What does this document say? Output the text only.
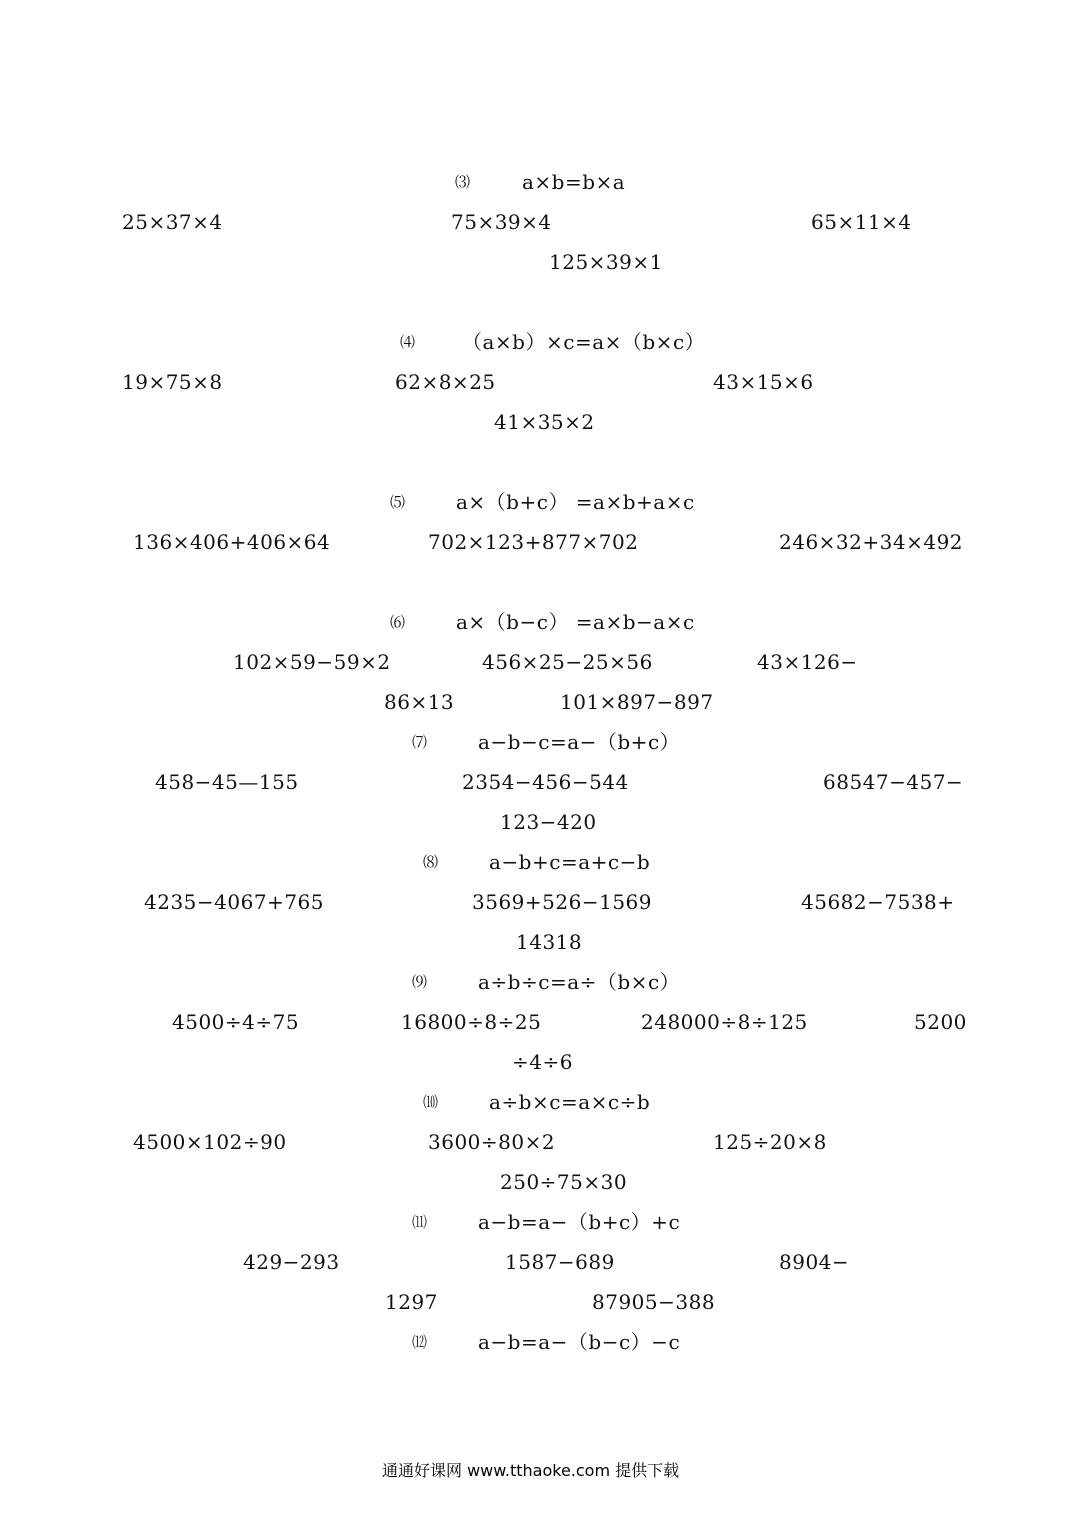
⑶	a×b=b×a
25×37×4	75×39×4	65×11×4
125×39×1
⑷ （a×b）×c=a×（b×c）
19×75×8	62×8×25	43×15×6
41×35×2
⑸	a×（b+c） =a×b+a×c
136×406+406×64	702×123+877×702	246×32+34×492
⑹	a×（b−c） =a×b−a×c
102×59−59×2	456×25−25×56	43×126−
86×13	101×897−897
⑺	a−b−c=a−（b+c）
458−45—155	2354−456−544	68547−457−
123−420
⑻	a−b+c=a+c−b
4235−4067+765	3569+526−1569	45682−7538+
14318
⑼	a÷b÷c=a÷（b×c）
4500÷4÷75	16800÷8÷25	248000÷8÷125	5200
÷4÷6
⑽	a÷b×c=a×c÷b
4500×102÷90	3600÷80×2	125÷20×8
250÷75×30
⑾	a−b=a−（b+c）+c
429−293	1587−689	8904−
1297	87905−388
⑿	a−b=a−（b−c）−c
通通好课网 www.tthaoke.com 提供下载
